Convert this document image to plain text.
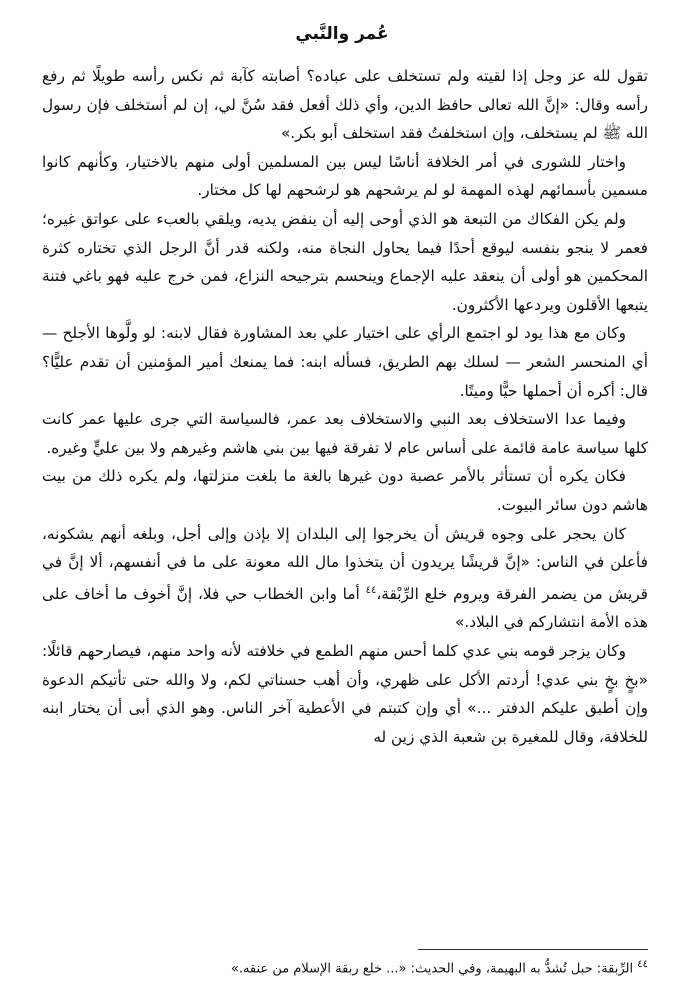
عُمر والنَّبي

تقول لله عز وجل إذا لقيته ولم تستخلف على عباده؟ أصابته كآبة ثم نكس رأسه طويلًا ثم رفع رأسه وقال: «إنَّ الله تعالى حافظ الدين، وأي ذلك أفعل فقد سُنَّ لي، إن لم أستخلف فإن رسول الله ﷺ لم يستخلف، وإن استخلفتُ فقد استخلف أبو بكر.»

واختار للشورى في أمر الخلافة أناسًا ليس بين المسلمين أولى منهم بالاختيار، وكأنهم كانوا مسمين بأسمائهم لهذه المهمة لو لم يرشحهم هو لرشحهم لها كل مختار.

ولم يكن الفكاك من التبعة هو الذي أوحى إليه أن ينفض يديه، ويلقي بالعبء على عواتق غيره؛ فعمر لا ينجو بنفسه ليوقع أحدًا فيما يحاول النجاة منه، ولكنه قدر أنَّ الرجل الذي تختاره كثرة المحكمين هو أولى أن ينعقد عليه الإجماع وينحسم بترجيحه النزاع، فمن خرج عليه فهو باغي فتنة يتبعها الأقلون ويردعها الأكثرون.

وكان مع هذا يود لو اجتمع الرأي على اختيار علي بعد المشاورة فقال لابنه: لو ولَّوها الأجلح — أي المنحسر الشعر — لسلك بهم الطريق، فسأله ابنه: فما يمنعك أمير المؤمنين أن تقدم عليًّا؟ قال: أكره أن أحملها حيًّا وميتًا.

وفيما عدا الاستخلاف بعد النبي والاستخلاف بعد عمر، فالسياسة التي جرى عليها عمر كانت كلها سياسة عامة قائمة على أساس عام لا تفرقة فيها بين بني هاشم وغيرهم ولا بين عليٍّ وغيره.

فكان يكره أن تستأثر بالأمر عصبة دون غيرها بالغة ما بلغت منزلتها، ولم يكره ذلك من بيت هاشم دون سائر البيوت.

كان يحجر على وجوه قريش أن يخرجوا إلى البلدان إلا بإذن وإلى أجل، وبلغه أنهم يشكونه، فأعلن في الناس: «إنَّ قريشًا يريدون أن يتخذوا مال الله معونة على ما في أنفسهم، ألا إنَّ في قريش من يضمر الفرقة ويروم خلع الرِّبْقة،$^{٤٤}$ أما وابن الخطاب حي فلا، إنَّ أخوف ما أخاف على هذه الأمة انتشاركم في البلاد.»

وكان يزجر قومه بني عدي كلما أحس منهم الطمع في خلافته لأنه واحد منهم، فيصارحهم قائلًا: «بخٍ بخٍ بني عدي! أردتم الأكل على ظهري، وأن أهب حسناتي لكم، ولا والله حتى تأتيكم الدعوة وإن أطبق عليكم الدفتر ...» أي وإن كتبتم في الأعطية آخر الناس. وهو الذي أبى أن يختار ابنه للخلافة، وقال للمغيرة بن شعبة الذي زين له

$^{٤٤}$ الرِّبقة: حبل تُشدُّ به البهيمة، وفي الحديث: «... خلع ربقة الإسلام من عنقه.»
